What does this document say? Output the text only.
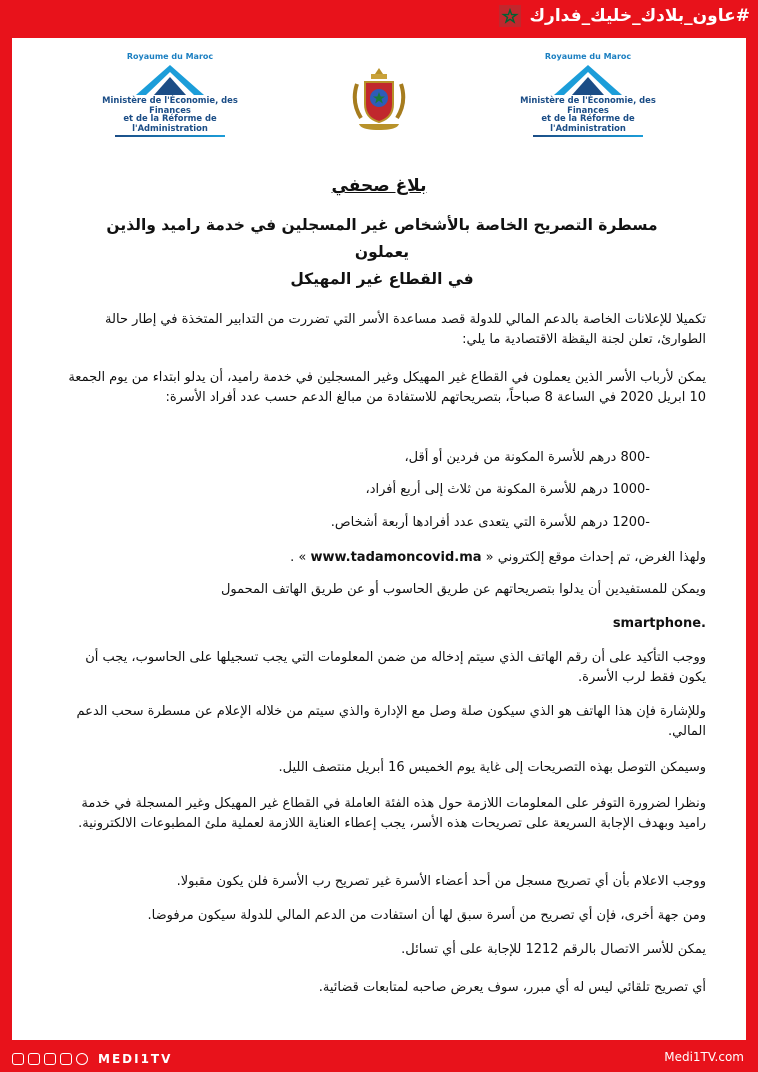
#عاون_بلادك_خليك_فدارك
Royaume du Maroc
Ministère de l'Économie, des Finances
et de la Réforme de l'Administration
Royaume du Maroc
Ministère de l'Économie, des Finances
et de la Réforme de l'Administration
بلاغ صحفي
مسطرة التصريح الخاصة بالأشخاص غير المسجلين في خدمة راميد والذين يعملون
في القطاع غير المهيكل
تكميلا للإعلانات الخاصة بالدعم المالي للدولة قصد مساعدة الأسر التي تضررت من التدابير المتخذة في إطار حالة الطوارئ، تعلن لجنة اليقظة الاقتصادية ما يلي:
يمكن لأرباب الأسر الذين يعملون في القطاع غير المهيكل وغير المسجلين في خدمة راميد، أن يدلو ابتداء من يوم الجمعة 10 ابريل 2020 في الساعة 8 صباحاً، بتصريحاتهم للاستفادة من مبالغ الدعم حسب عدد أفراد الأسرة:
-800 درهم للأسرة المكونة من فردين أو أقل،
-1000 درهم للأسرة المكونة من ثلاث إلى أربع أفراد،
-1200 درهم للأسرة التي يتعدى عدد أفرادها أربعة أشخاص.
ولهذا الغرض، تم إحداث موقع إلكتروني « www.tadamoncovid.ma » .
ويمكن للمستفيدين أن يدلوا بتصريحاتهم عن طريق الحاسوب أو عن طريق الهاتف المحمول
smartphone.
ووجب التأكيد على أن رقم الهاتف الذي سيتم إدخاله من ضمن المعلومات التي يجب تسجيلها على الحاسوب، يجب أن يكون فقط لرب الأسرة.
وللإشارة فإن هذا الهاتف هو الذي سيكون صلة وصل مع الإدارة والذي سيتم من خلاله الإعلام عن مسطرة سحب الدعم المالي.
وسيمكن التوصل بهذه التصريحات إلى غاية يوم الخميس 16 أبريل منتصف الليل.
ونظرا لضرورة التوفر على المعلومات اللازمة حول هذه الفئة العاملة في القطاع غير المهيكل وغير المسجلة في خدمة راميد وبهدف الإجابة السريعة على تصريحات هذه الأسر، يجب إعطاء العناية اللازمة لعملية ملئ المطبوعات الالكترونية.
ووجب الاعلام بأن أي تصريح مسجل من أحد أعضاء الأسرة غير تصريح رب الأسرة فلن يكون مقبولا.
ومن جهة أخرى، فإن أي تصريح من أسرة سبق لها أن استفادت من الدعم المالي للدولة سيكون مرفوضا.
يمكن للأسر الاتصال بالرقم 1212 للإجابة على أي تسائل.
أي تصريح تلقائي ليس له أي مبرر، سوف يعرض صاحبه لمتابعات قضائية.
MEDI1TV	Medi1TV.com
